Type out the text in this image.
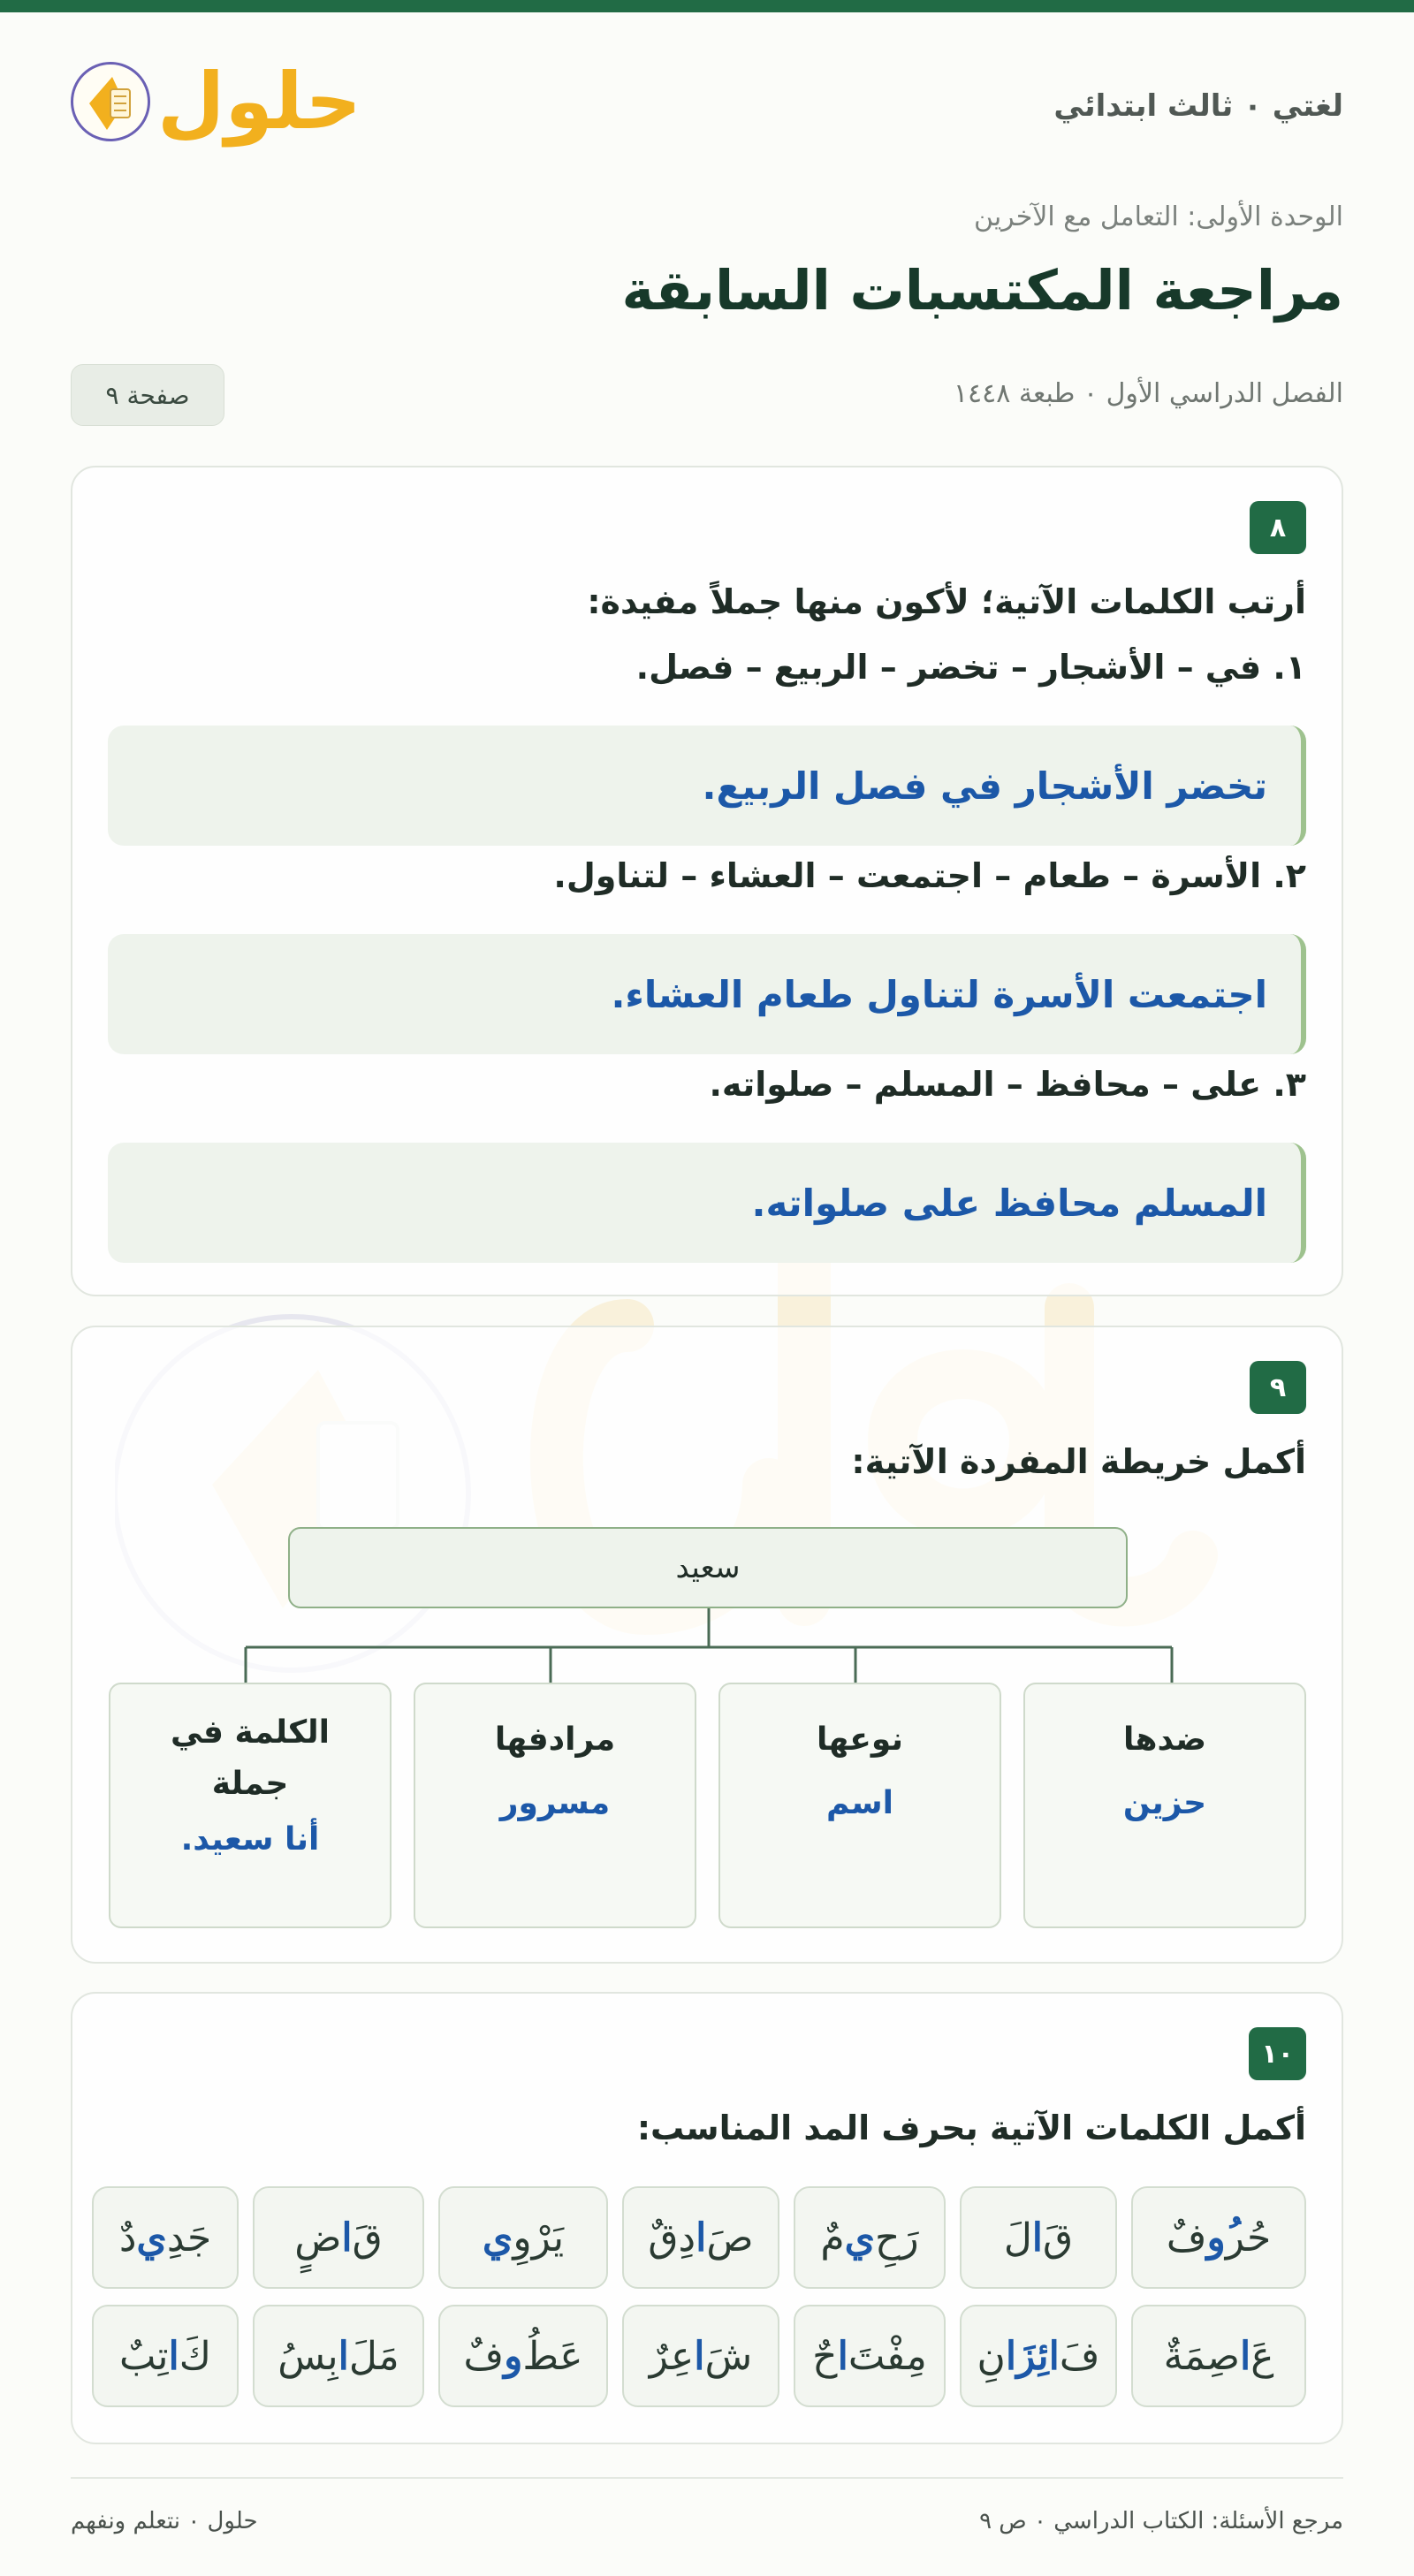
حلول	لغتي ٠ ثالث ابتدائي
الوحدة الأولى: التعامل مع الآخرين
مراجعة المكتسبات السابقة
الفصل الدراسي الأول ٠ طبعة ١٤٤٨
صفحة ٩
٨
أرتب الكلمات الآتية؛ لأكون منها جملاً مفيدة:
١. في – الأشجار – تخضر – الربيع – فصل.
تخضر الأشجار في فصل الربيع.
٢. الأسرة – طعام – اجتمعت – العشاء – لتناول.
اجتمعت الأسرة لتناول طعام العشاء.
٣. على – محافظ – المسلم – صلواته.
المسلم محافظ على صلواته.
٩
أكمل خريطة المفردة الآتية:
سعيد
ضدها
حزين
نوعها
اسم
مرادفها
مسرور
الكلمة في جملة
أنا سعيد.
١٠
أكمل الكلمات الآتية بحرف المد المناسب:
حُر
ُو
فٌ
قَ
ا
لَ
رَحِ
ي
مٌ
صَ
ا
دِقٌ
يَرْوِ
ي
قَ
ا
ضٍ
جَدِ
ي
دٌ
عَ
ا
صِمَةٌ
فَ
ائِزَا
نِ
مِفْتَ
ا
حٌ
شَ
ا
عِرٌ
عَطُ
و
فٌ
مَلَ
ا
بِسُ
كَ
ا
تِبٌ
مرجع الأسئلة: الكتاب الدراسي ٠ ص ٩
حلول ٠ نتعلم ونفهم
